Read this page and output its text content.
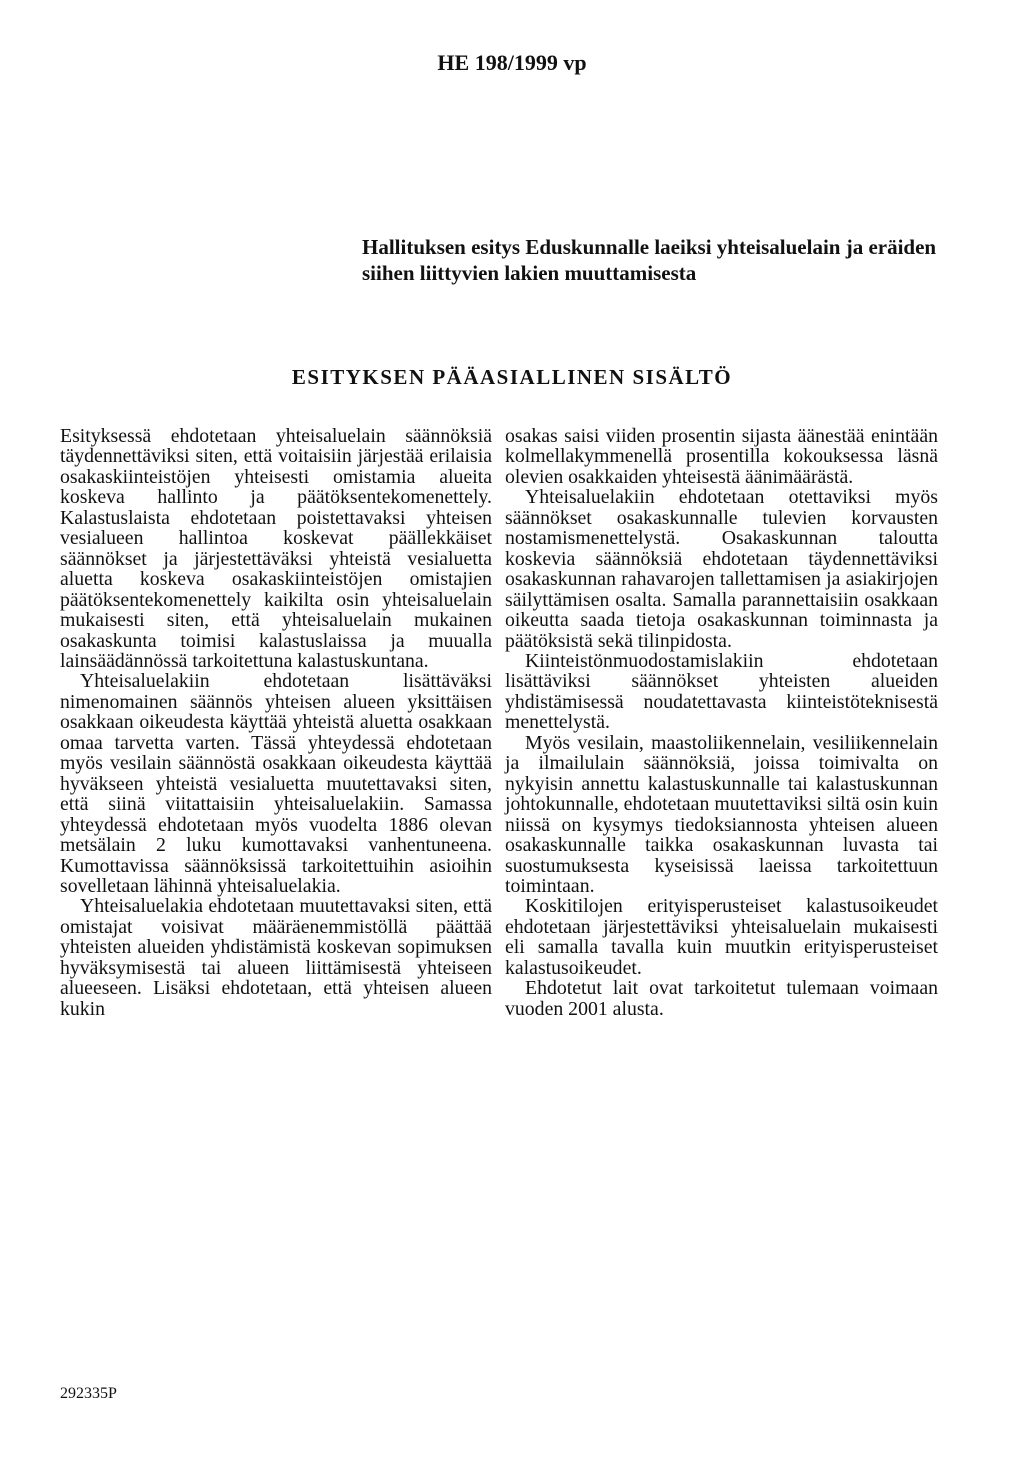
HE 198/1999 vp
Hallituksen esitys Eduskunnalle laeiksi yhteisaluelain ja eräiden siihen liittyvien lakien muuttamisesta
ESITYKSEN PÄÄASIALLINEN SISÄLTÖ

Esityksessä ehdotetaan yhteisaluelain säännöksiä täydennettäviksi siten, että voitaisiin järjestää erilaisia osakaskiinteistöjen yhteisesti omistamia alueita koskeva hallinto ja päätöksentekomenettely. Kalastuslaista ehdotetaan poistettavaksi yhteisen vesialueen hallintoa koskevat päällekkäiset säännökset ja järjestettäväksi yhteistä vesialuetta aluetta koskeva osakaskiinteistöjen omistajien päätöksentekomenettely kaikilta osin yhteisaluelain mukaisesti siten, että yhteisaluelain mukainen osakaskunta toimisi kalastuslaissa ja muualla lainsäädännössä tarkoitettuna kalastuskuntana.

Yhteisaluelakiin ehdotetaan lisättäväksi nimenomainen säännös yhteisen alueen yksittäisen osakkaan oikeudesta käyttää yhteistä aluetta osakkaan omaa tarvetta varten. Tässä yhteydessä ehdotetaan myös vesilain säännöstä osakkaan oikeudesta käyttää hyväkseen yhteistä vesialuetta muutettavaksi siten, että siinä viitattaisiin yhteisaluelakiin. Samassa yhteydessä ehdotetaan myös vuodelta 1886 olevan metsälain 2 luku kumottavaksi vanhentuneena. Kumottavissa säännöksissä tarkoitettuihin asioihin sovelletaan lähinnä yhteisaluelakia.

Yhteisaluelakia ehdotetaan muutettavaksi siten, että omistajat voisivat määräenemmistöllä päättää yhteisten alueiden yhdistämistä koskevan sopimuksen hyväksymisestä tai alueen liittämisestä yhteiseen alueeseen. Lisäksi ehdotetaan, että yhteisen alueen kukin

osakas saisi viiden prosentin sijasta äänestää enintään kolmellakymmenellä prosentilla kokouksessa läsnä olevien osakkaiden yhteisestä äänimäärästä.

Yhteisaluelakiin ehdotetaan otettaviksi myös säännökset osakaskunnalle tulevien korvausten nostamismenettelystä. Osakaskunnan taloutta koskevia säännöksiä ehdotetaan täydennettäviksi osakaskunnan rahavarojen tallettamisen ja asiakirjojen säilyttämisen osalta. Samalla parannettaisiin osakkaan oikeutta saada tietoja osakaskunnan toiminnasta ja päätöksistä sekä tilinpidosta.

Kiinteistönmuodostamislakiin ehdotetaan lisättäviksi säännökset yhteisten alueiden yhdistämisessä noudatettavasta kiinteistöteknisestä menettelystä.

Myös vesilain, maastoliikennelain, vesiliikennelain ja ilmailulain säännöksiä, joissa toimivalta on nykyisin annettu kalastuskunnalle tai kalastuskunnan johtokunnalle, ehdotetaan muutettaviksi siltä osin kuin niissä on kysymys tiedoksiannosta yhteisen alueen osakaskunnalle taikka osakaskunnan luvasta tai suostumuksesta kyseisissä laeissa tarkoitettuun toimintaan.

Koskitilojen erityisperusteiset kalastusoikeudet ehdotetaan järjestettäviksi yhteisaluelain mukaisesti eli samalla tavalla kuin muutkin erityisperusteiset kalastusoikeudet.

Ehdotetut lait ovat tarkoitetut tulemaan voimaan vuoden 2001 alusta.

292335P
